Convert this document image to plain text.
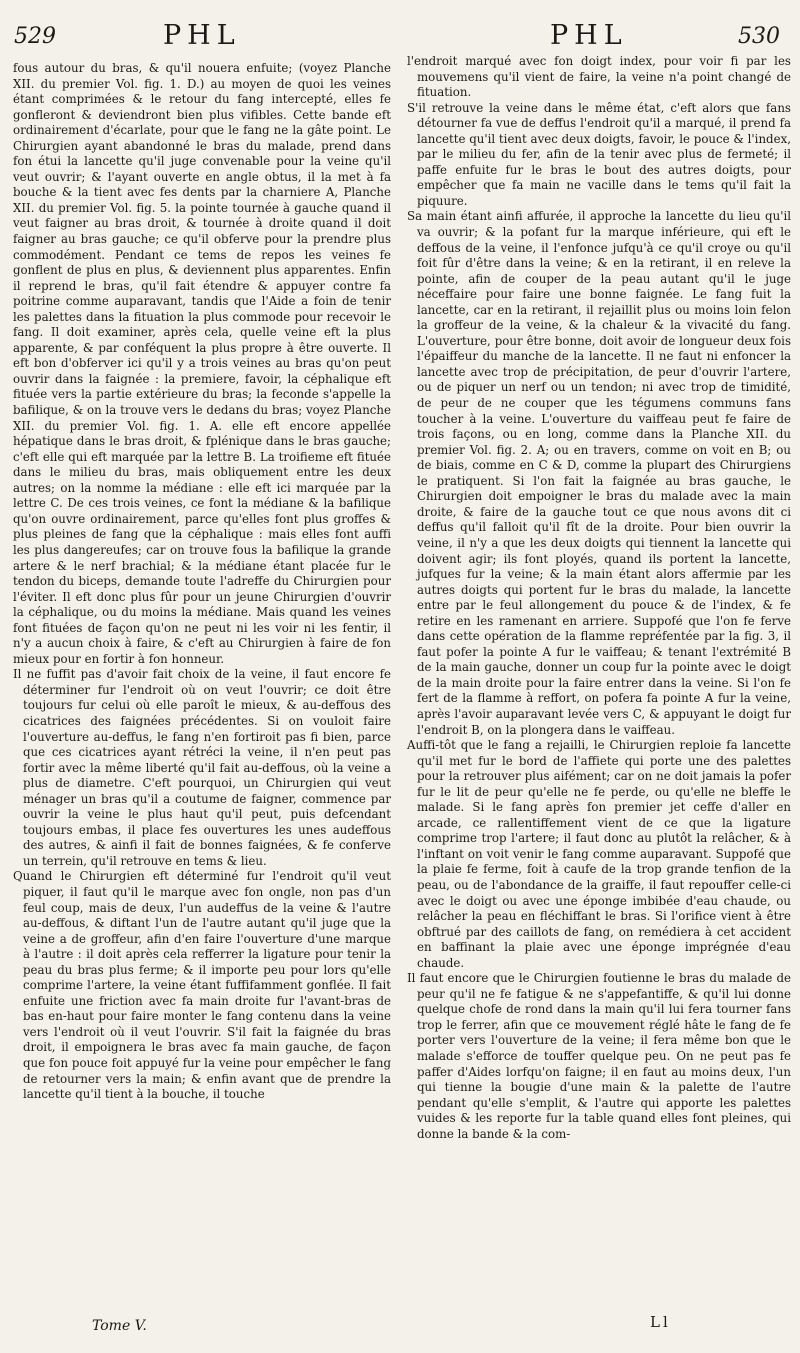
529	PHL	PHL	530

fous autour du bras, & qu'il nouera enfuite; (voyez Planche XII. du premier Vol. fig. 1. D.) au moyen de quoi les veines étant comprimées & le retour du fang intercepté, elles fe gonfleront & deviendront bien plus vifibles. Cette bande eft ordinairement d'écarlate, pour que le fang ne la gâte point. Le Chirurgien ayant abandonné le bras du malade, prend dans fon étui la lancette qu'il juge convenable pour la veine qu'il veut ouvrir; & l'ayant ouverte en angle obtus, il la met à fa bouche & la tient avec fes dents par la charniere A, Planche XII. du premier Vol. fig. 5. la pointe tournée à gauche quand il veut faigner au bras droit, & tournée à droite quand il doit faigner au bras gauche; ce qu'il obferve pour la prendre plus commodément. Pendant ce tems de repos les veines fe gonflent de plus en plus, & deviennent plus apparentes. Enfin il reprend le bras, qu'il fait étendre & appuyer contre fa poitrine comme auparavant, tandis que l'Aide a foin de tenir les palettes dans la fituation la plus commode pour recevoir le fang. Il doit examiner, après cela, quelle veine eft la plus apparente, & par conféquent la plus propre à être ouverte. Il eft bon d'obferver ici qu'il y a trois veines au bras qu'on peut ouvrir dans la faignée : la premiere, favoir, la céphalique eft fituée vers la partie extérieure du bras; la feconde s'appelle la bafilique, & on la trouve vers le dedans du bras; voyez Planche XII. du premier Vol. fig. 1. A. elle eft encore appellée hépatique dans le bras droit, & fplénique dans le bras gauche; c'eft elle qui eft marquée par la lettre B. La troifieme eft fituée dans le milieu du bras, mais obliquement entre les deux autres; on la nomme la médiane : elle eft ici marquée par la lettre C. De ces trois veines, ce font la médiane & la bafilique qu'on ouvre ordinairement, parce qu'elles font plus groffes & plus pleines de fang que la céphalique : mais elles font auffi les plus dangereufes; car on trouve fous la bafilique la grande artere & le nerf brachial; & la médiane étant placée fur le tendon du biceps, demande toute l'adreffe du Chirurgien pour l'éviter. Il eft donc plus fûr pour un jeune Chirurgien d'ouvrir la céphalique, ou du moins la médiane. Mais quand les veines font fituées de façon qu'on ne peut ni les voir ni les fentir, il n'y a aucun choix à faire, & c'eft au Chirurgien à faire de fon mieux pour en fortir à fon honneur.

Il ne fuffit pas d'avoir fait choix de la veine, il faut encore fe déterminer fur l'endroit où on veut l'ouvrir; ce doit être toujours fur celui où elle paroît le mieux, & au-deffous des cicatrices des faignées précédentes. Si on vouloit faire l'ouverture au-deffus, le fang n'en fortiroit pas fi bien, parce que ces cicatrices ayant rétréci la veine, il n'en peut pas fortir avec la même liberté qu'il fait au-deffous, où la veine a plus de diametre. C'eft pourquoi, un Chirurgien qui veut ménager un bras qu'il a coutume de faigner, commence par ouvrir la veine le plus haut qu'il peut, puis defcendant toujours embas, il place fes ouvertures les unes audeffous des autres, & ainfi il fait de bonnes faignées, & fe conferve un terrein, qu'il retrouve en tems & lieu.

Quand le Chirurgien eft déterminé fur l'endroit qu'il veut piquer, il faut qu'il le marque avec fon ongle, non pas d'un feul coup, mais de deux, l'un audeffus de la veine & l'autre au-deffous, & diftant l'un de l'autre autant qu'il juge que la veine a de groffeur, afin d'en faire l'ouverture d'une marque à l'autre : il doit après cela refferrer la ligature pour tenir la peau du bras plus ferme; & il importe peu pour lors qu'elle comprime l'artere, la veine étant fuffifamment gonflée. Il fait enfuite une friction avec fa main droite fur l'avant-bras de bas en-haut pour faire monter le fang contenu dans la veine vers l'endroit où il veut l'ouvrir. S'il fait la faignée du bras droit, il empoignera le bras avec fa main gauche, de façon que fon pouce foit appuyé fur la veine pour empêcher le fang de retourner vers la main; & enfin avant que de prendre la lancette qu'il tient à la bouche, il touche

l'endroit marqué avec fon doigt index, pour voir fi par les mouvemens qu'il vient de faire, la veine n'a point changé de fituation.

S'il retrouve la veine dans le même état, c'eft alors que fans détourner fa vue de deffus l'endroit qu'il a marqué, il prend fa lancette qu'il tient avec deux doigts, favoir, le pouce & l'index, par le milieu du fer, afin de la tenir avec plus de fermeté; il paffe enfuite fur le bras le bout des autres doigts, pour empêcher que fa main ne vacille dans le tems qu'il fait la piquure.

Sa main étant ainfi affurée, il approche la lancette du lieu qu'il va ouvrir; & la pofant fur la marque inférieure, qui eft le deffous de la veine, il l'enfonce jufqu'à ce qu'il croye ou qu'il foit fûr d'être dans la veine; & en la retirant, il en releve la pointe, afin de couper de la peau autant qu'il le juge néceffaire pour faire une bonne faignée. Le fang fuit la lancette, car en la retirant, il rejaillit plus ou moins loin felon la groffeur de la veine, & la chaleur & la vivacité du fang. L'ouverture, pour être bonne, doit avoir de longueur deux fois l'épaiffeur du manche de la lancette. Il ne faut ni enfoncer la lancette avec trop de précipitation, de peur d'ouvrir l'artere, ou de piquer un nerf ou un tendon; ni avec trop de timidité, de peur de ne couper que les tégumens communs fans toucher à la veine. L'ouverture du vaiffeau peut fe faire de trois façons, ou en long, comme dans la Planche XII. du premier Vol. fig. 2. A; ou en travers, comme on voit en B; ou de biais, comme en C & D, comme la plupart des Chirurgiens le pratiquent. Si l'on fait la faignée au bras gauche, le Chirurgien doit empoigner le bras du malade avec la main droite, & faire de la gauche tout ce que nous avons dit ci deffus qu'il falloit qu'il fît de la droite. Pour bien ouvrir la veine, il n'y a que les deux doigts qui tiennent la lancette qui doivent agir; ils font ployés, quand ils portent la lancette, jufques fur la veine; & la main étant alors affermie par les autres doigts qui portent fur le bras du malade, la lancette entre par le feul allongement du pouce & de l'index, & fe retire en les ramenant en arriere. Suppofé que l'on fe ferve dans cette opération de la flamme repréfentée par la fig. 3, il faut pofer la pointe A fur le vaiffeau; & tenant l'extrémité B de la main gauche, donner un coup fur la pointe avec le doigt de la main droite pour la faire entrer dans la veine. Si l'on fe fert de la flamme à reffort, on pofera fa pointe A fur la veine, après l'avoir auparavant levée vers C, & appuyant le doigt fur l'endroit B, on la plongera dans le vaiffeau.

Auffi-tôt que le fang a rejailli, le Chirurgien reploie fa lancette qu'il met fur le bord de l'affiete qui porte une des palettes pour la retrouver plus aifément; car on ne doit jamais la pofer fur le lit de peur qu'elle ne fe perde, ou qu'elle ne bleffe le malade. Si le fang après fon premier jet ceffe d'aller en arcade, ce rallentiffement vient de ce que la ligature comprime trop l'artere; il faut donc au plutôt la relâcher, & à l'inftant on voit venir le fang comme auparavant. Suppofé que la plaie fe ferme, foit à caufe de la trop grande tenfion de la peau, ou de l'abondance de la graiffe, il faut repouffer celle-ci avec le doigt ou avec une éponge imbibée d'eau chaude, ou relâcher la peau en fléchiffant le bras. Si l'orifice vient à être obftrué par des caillots de fang, on remédiera à cet accident en baffinant la plaie avec une éponge imprégnée d'eau chaude.

Il faut encore que le Chirurgien foutienne le bras du malade de peur qu'il ne fe fatigue & ne s'appefantiffe, & qu'il lui donne quelque chofe de rond dans la main qu'il lui fera tourner fans trop le ferrer, afin que ce mouvement réglé hâte le fang de fe porter vers l'ouverture de la veine; il fera même bon que le malade s'efforce de touffer quelque peu. On ne peut pas fe paffer d'Aides lorfqu'on faigne; il en faut au moins deux, l'un qui tienne la bougie d'une main & la palette de l'autre pendant qu'elle s'emplit, & l'autre qui apporte les palettes vuides & les reporte fur la table quand elles font pleines, qui donne la bande & la com-

Tome V.	Ll
